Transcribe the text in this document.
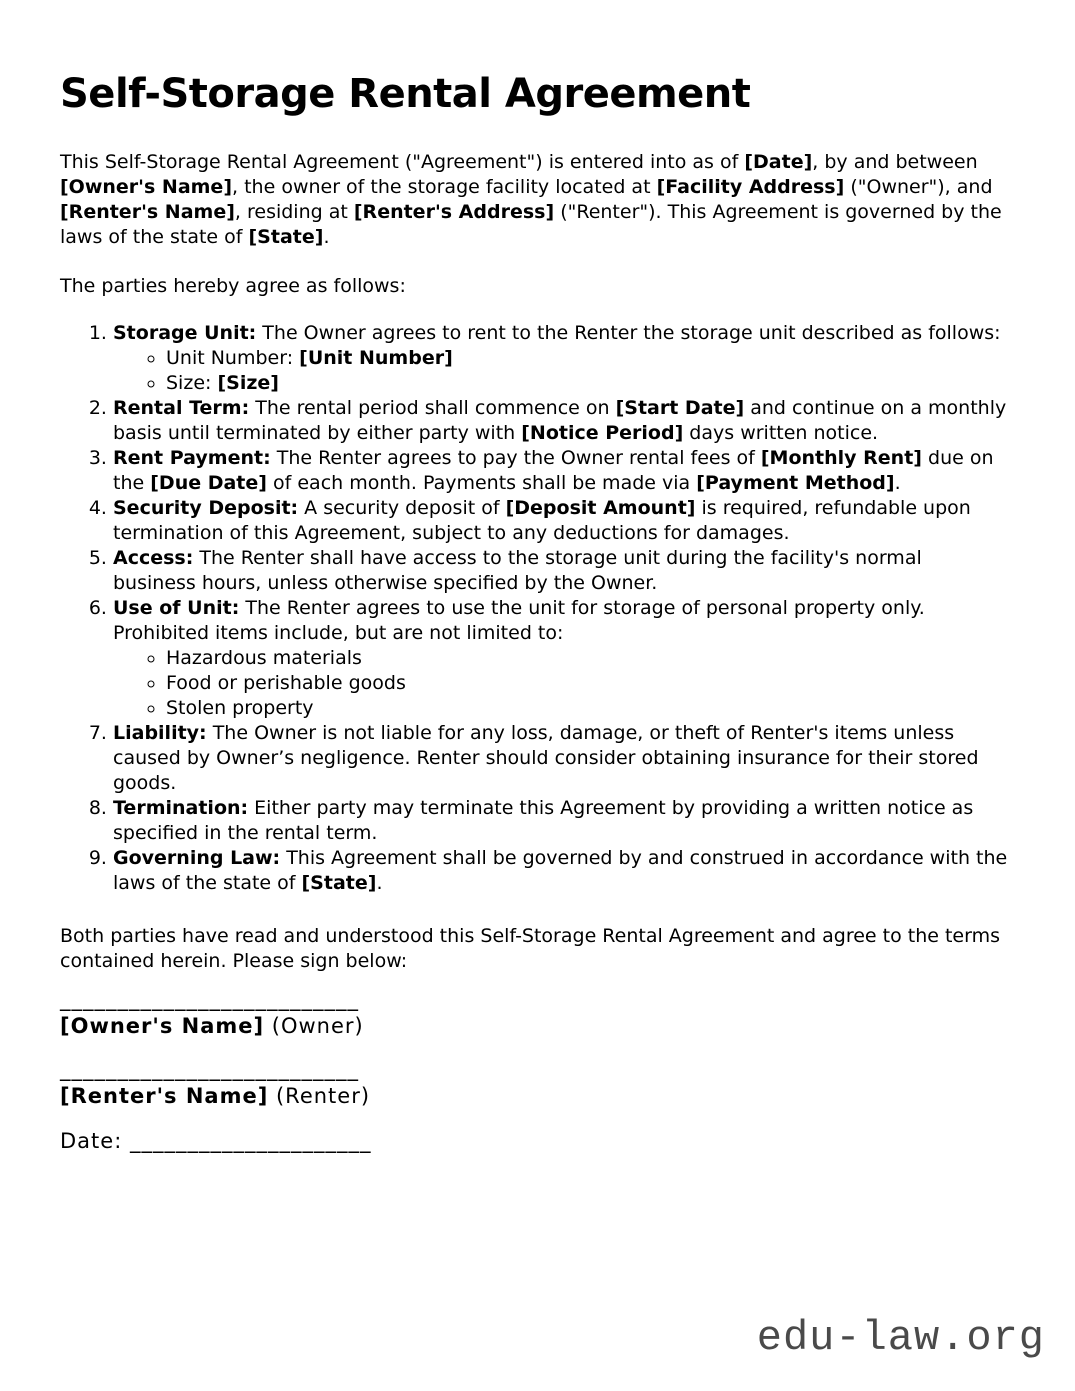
Self-Storage Rental Agreement

This Self-Storage Rental Agreement ("Agreement") is entered into as of [Date], by and between [Owner's Name], the owner of the storage facility located at [Facility Address] ("Owner"), and [Renter's Name], residing at [Renter's Address] ("Renter"). This Agreement is governed by the laws of the state of [State].

The parties hereby agree as follows:

1. Storage Unit: The Owner agrees to rent to the Renter the storage unit described as follows:
◦ Unit Number: [Unit Number]
◦ Size: [Size]
2. Rental Term: The rental period shall commence on [Start Date] and continue on a monthly basis until terminated by either party with [Notice Period] days written notice.
3. Rent Payment: The Renter agrees to pay the Owner rental fees of [Monthly Rent] due on the [Due Date] of each month. Payments shall be made via [Payment Method].
4. Security Deposit: A security deposit of [Deposit Amount] is required, refundable upon termination of this Agreement, subject to any deductions for damages.
5. Access: The Renter shall have access to the storage unit during the facility's normal business hours, unless otherwise specified by the Owner.
6. Use of Unit: The Renter agrees to use the unit for storage of personal property only. Prohibited items include, but are not limited to:
◦ Hazardous materials
◦ Food or perishable goods
◦ Stolen property
7. Liability: The Owner is not liable for any loss, damage, or theft of Renter's items unless caused by Owner’s negligence. Renter should consider obtaining insurance for their stored goods.
8. Termination: Either party may terminate this Agreement by providing a written notice as specified in the rental term.
9. Governing Law: This Agreement shall be governed by and construed in accordance with the laws of the state of [State].

Both parties have read and understood this Self-Storage Rental Agreement and agree to the terms contained herein. Please sign below:

__________________________
[Owner's Name] (Owner)
__________________________
[Renter's Name] (Renter)
Date: _____________________
edu-law.org
